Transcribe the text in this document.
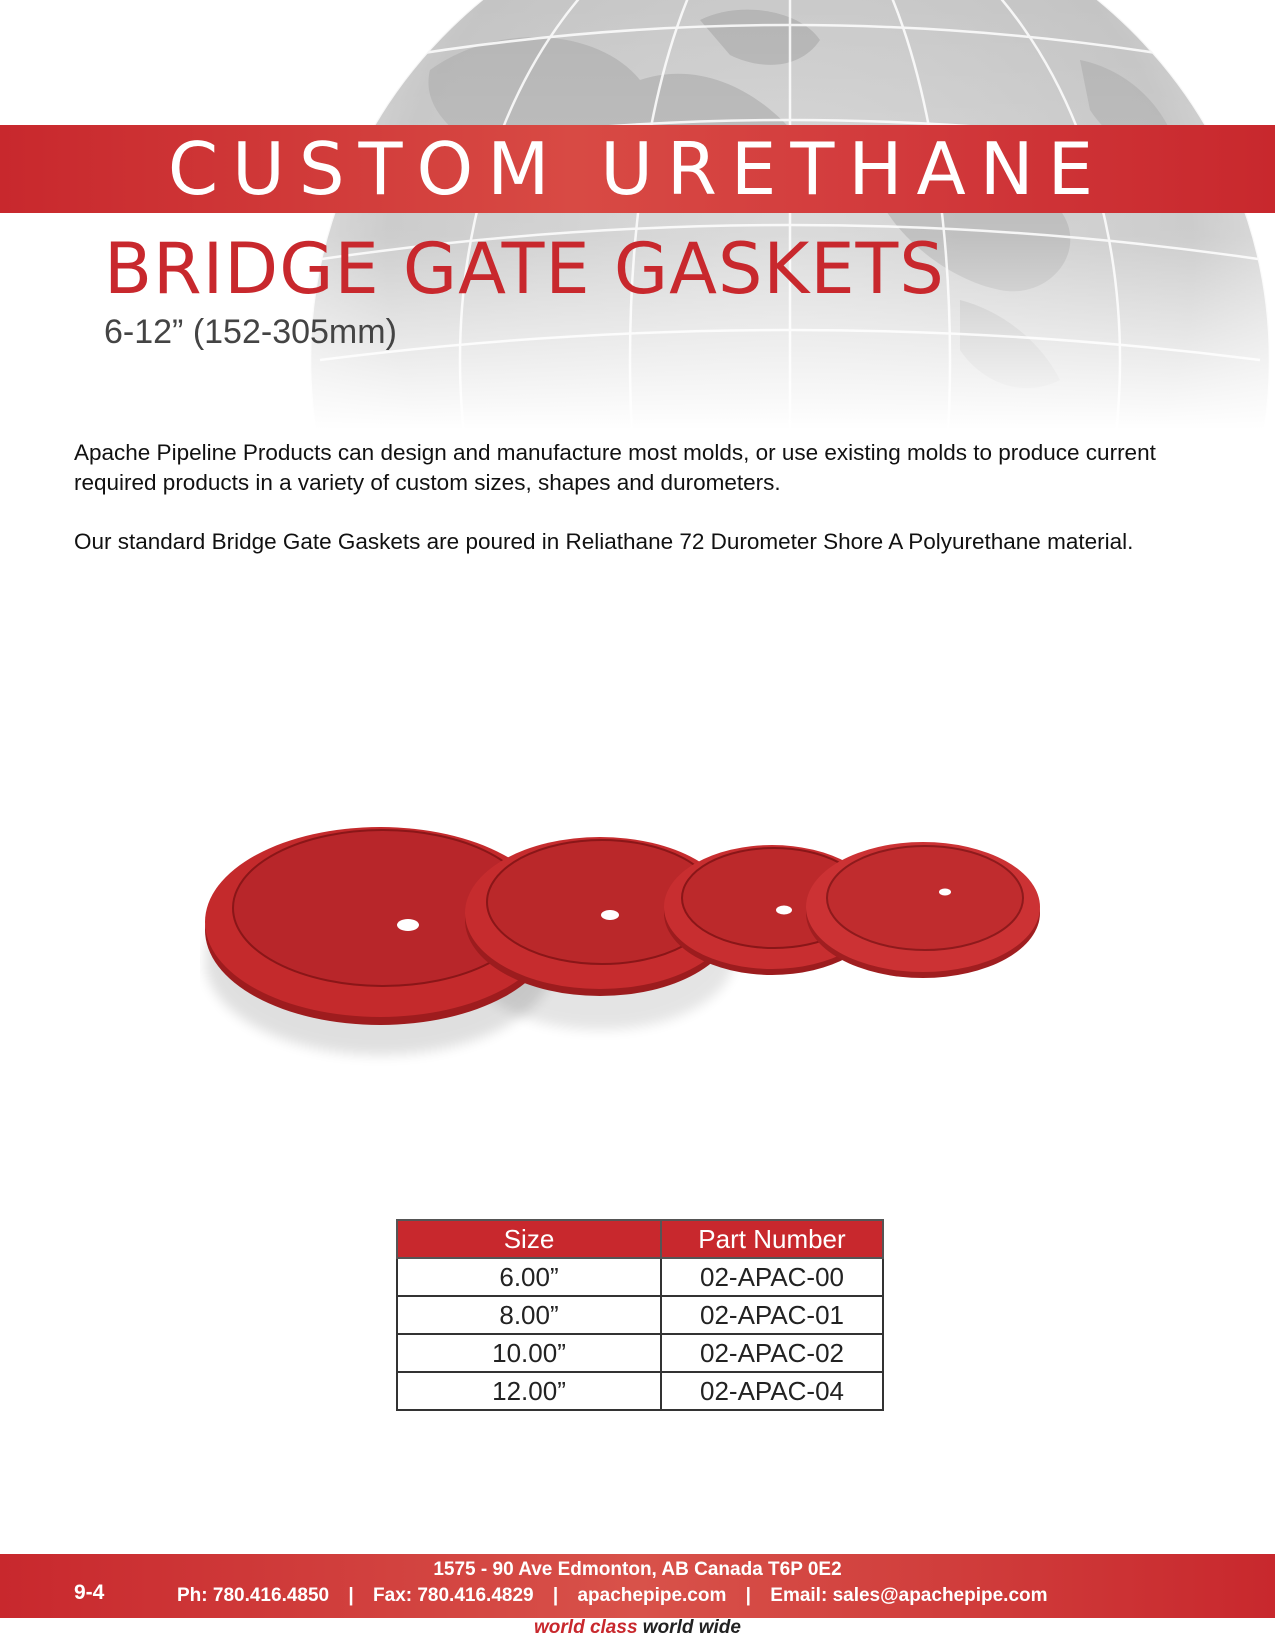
CUSTOM URETHANE
BRIDGE GATE GASKETS
6-12” (152-305mm)

Apache Pipeline Products can design and manufacture most molds, or use existing molds to produce current required products in a variety of custom sizes, shapes and durometers.

Our standard Bridge Gate Gaskets are poured in Reliathane 72 Durometer Shore A Polyurethane material.

Size	Part Number
6.00”	02-APAC-00
8.00”	02-APAC-01
10.00”	02-APAC-02
12.00”	02-APAC-04
9-4
1575 - 90 Ave Edmonton, AB Canada T6P 0E2
Ph: 780.416.4850 | Fax: 780.416.4829 | apachepipe.com | Email: sales@apachepipe.com
world class world wide
